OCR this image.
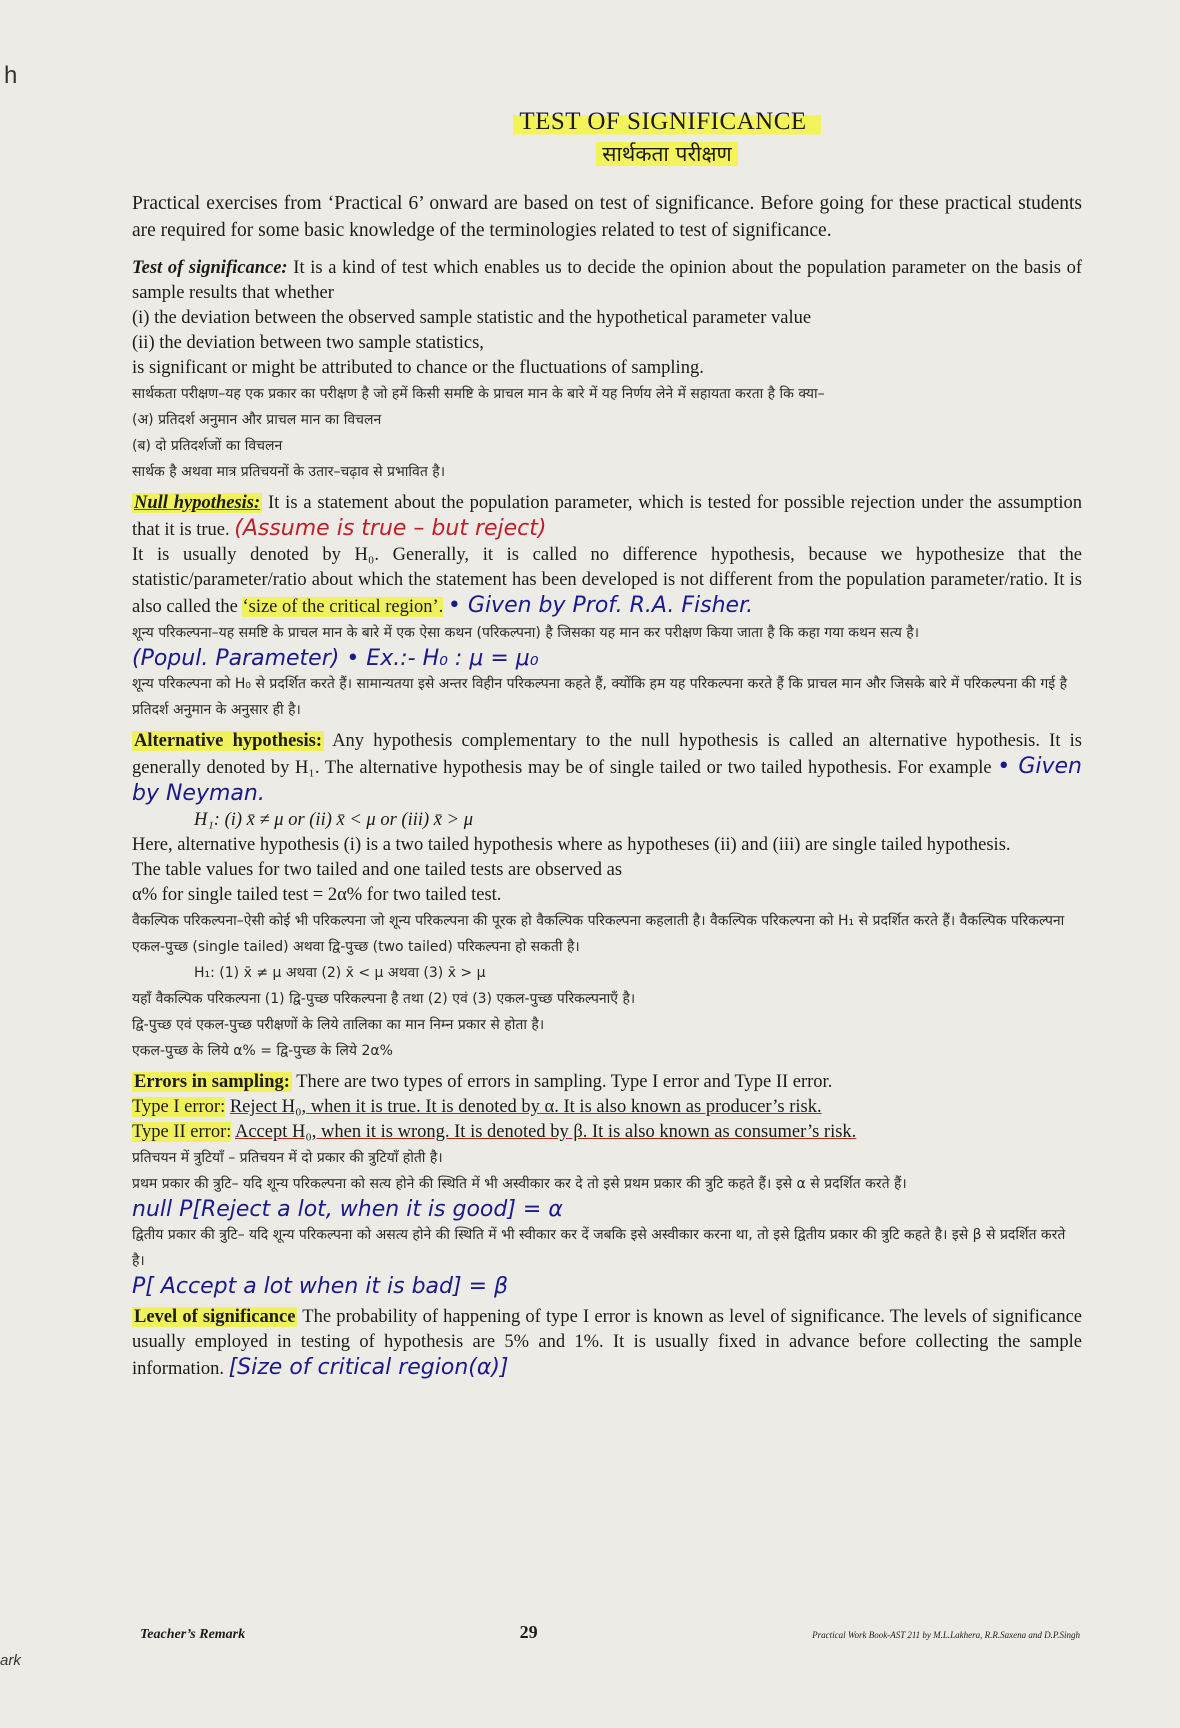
h
ark
TEST OF SIGNIFICANCE
सार्थकता परीक्षण

Practical exercises from ‘Practical 6’ onward are based on test of significance. Before going for these practical students are required for some basic knowledge of the terminologies related to test of significance.

Test of significance: It is a kind of test which enables us to decide the opinion about the population parameter on the basis of sample results that whether

(i) the deviation between the observed sample statistic and the hypothetical parameter value

(ii) the deviation between two sample statistics,

is significant or might be attributed to chance or the fluctuations of sampling.

सार्थकता परीक्षण–यह एक प्रकार का परीक्षण है जो हमें किसी समष्टि के प्राचल मान के बारे में यह निर्णय लेने में सहायता करता है कि क्या–

(अ) प्रतिदर्श अनुमान और प्राचल मान का विचलन

(ब) दो प्रतिदर्शजों का विचलन

सार्थक है अथवा मात्र प्रतिचयनों के उतार–चढ़ाव से प्रभावित है।

Null hypothesis: It is a statement about the population parameter, which is tested for possible rejection under the assumption that it is true. (Assume is true – but reject)

It is usually denoted by H₀. Generally, it is called no difference hypothesis, because we hypothesize that the statistic/parameter/ratio about which the statement has been developed is not different from the population parameter/ratio. It is also called the ‘size of the critical region’. • Given by Prof. R.A. Fisher.

शून्य परिकल्पना–यह समष्टि के प्राचल मान के बारे में एक ऐसा कथन (परिकल्पना) है जिसका यह मान कर परीक्षण किया जाता है कि कहा गया कथन सत्य है।

(Popul. Parameter) • Ex.:- H₀ : μ = μ₀

शून्य परिकल्पना को H₀ से प्रदर्शित करते हैं। सामान्यतया इसे अन्तर विहीन परिकल्पना कहते हैं, क्योंकि हम यह परिकल्पना करते हैं कि प्राचल मान और जिसके बारे में परिकल्पना की गई है प्रतिदर्श अनुमान के अनुसार ही है।

Alternative hypothesis: Any hypothesis complementary to the null hypothesis is called an alternative hypothesis. It is generally denoted by H₁. The alternative hypothesis may be of single tailed or two tailed hypothesis. For example • Given by Neyman.

H₁: (i) x̄ ≠ μ or (ii) x̄ < μ or (iii) x̄ > μ

Here, alternative hypothesis (i) is a two tailed hypothesis where as hypotheses (ii) and (iii) are single tailed hypothesis.

The table values for two tailed and one tailed tests are observed as

α% for single tailed test = 2α% for two tailed test.

वैकल्पिक परिकल्पना–ऐसी कोई भी परिकल्पना जो शून्य परिकल्पना की पूरक हो वैकल्पिक परिकल्पना कहलाती है। वैकल्पिक परिकल्पना को H₁ से प्रदर्शित करते हैं। वैकल्पिक परिकल्पना एकल-पुच्छ (single tailed) अथवा द्वि-पुच्छ (two tailed) परिकल्पना हो सकती है।

H₁: (1) x̄ ≠ μ अथवा (2) x̄ < μ अथवा (3) x̄ > μ

यहाँ वैकल्पिक परिकल्पना (1) द्वि-पुच्छ परिकल्पना है तथा (2) एवं (3) एकल-पुच्छ परिकल्पनाएँ है।

द्वि-पुच्छ एवं एकल-पुच्छ परीक्षणों के लिये तालिका का मान निम्न प्रकार से होता है।

एकल-पुच्छ के लिये α% = द्वि-पुच्छ के लिये 2α%

Errors in sampling: There are two types of errors in sampling. Type I error and Type II error.

Type I error: Reject H₀, when it is true. It is denoted by α. It is also known as producer’s risk.

Type II error: Accept H₀, when it is wrong. It is denoted by β. It is also known as consumer’s risk.

प्रतिचयन में त्रुटियाँ – प्रतिचयन में दो प्रकार की त्रुटियाँ होती है।

प्रथम प्रकार की त्रुटि– यदि शून्य परिकल्पना को सत्य होने की स्थिति में भी अस्वीकार कर दे तो इसे प्रथम प्रकार की त्रुटि कहते हैं। इसे α से प्रदर्शित करते हैं।

null P[Reject a lot, when it is good] = α

द्वितीय प्रकार की त्रुटि– यदि शून्य परिकल्पना को असत्य होने की स्थिति में भी स्वीकार कर दें जबकि इसे अस्वीकार करना था, तो इसे द्वितीय प्रकार की त्रुटि कहते है। इसे β से प्रदर्शित करते है।

P[ Accept a lot when it is bad] = β

Level of significance The probability of happening of type I error is known as level of significance. The levels of significance usually employed in testing of hypothesis are 5% and 1%. It is usually fixed in advance before collecting the sample information. [Size of critical region(α)]

Teacher’s Remark	29	Practical Work Book-AST 211 by M.L.Lakhera, R.R.Saxena and D.P.Singh
